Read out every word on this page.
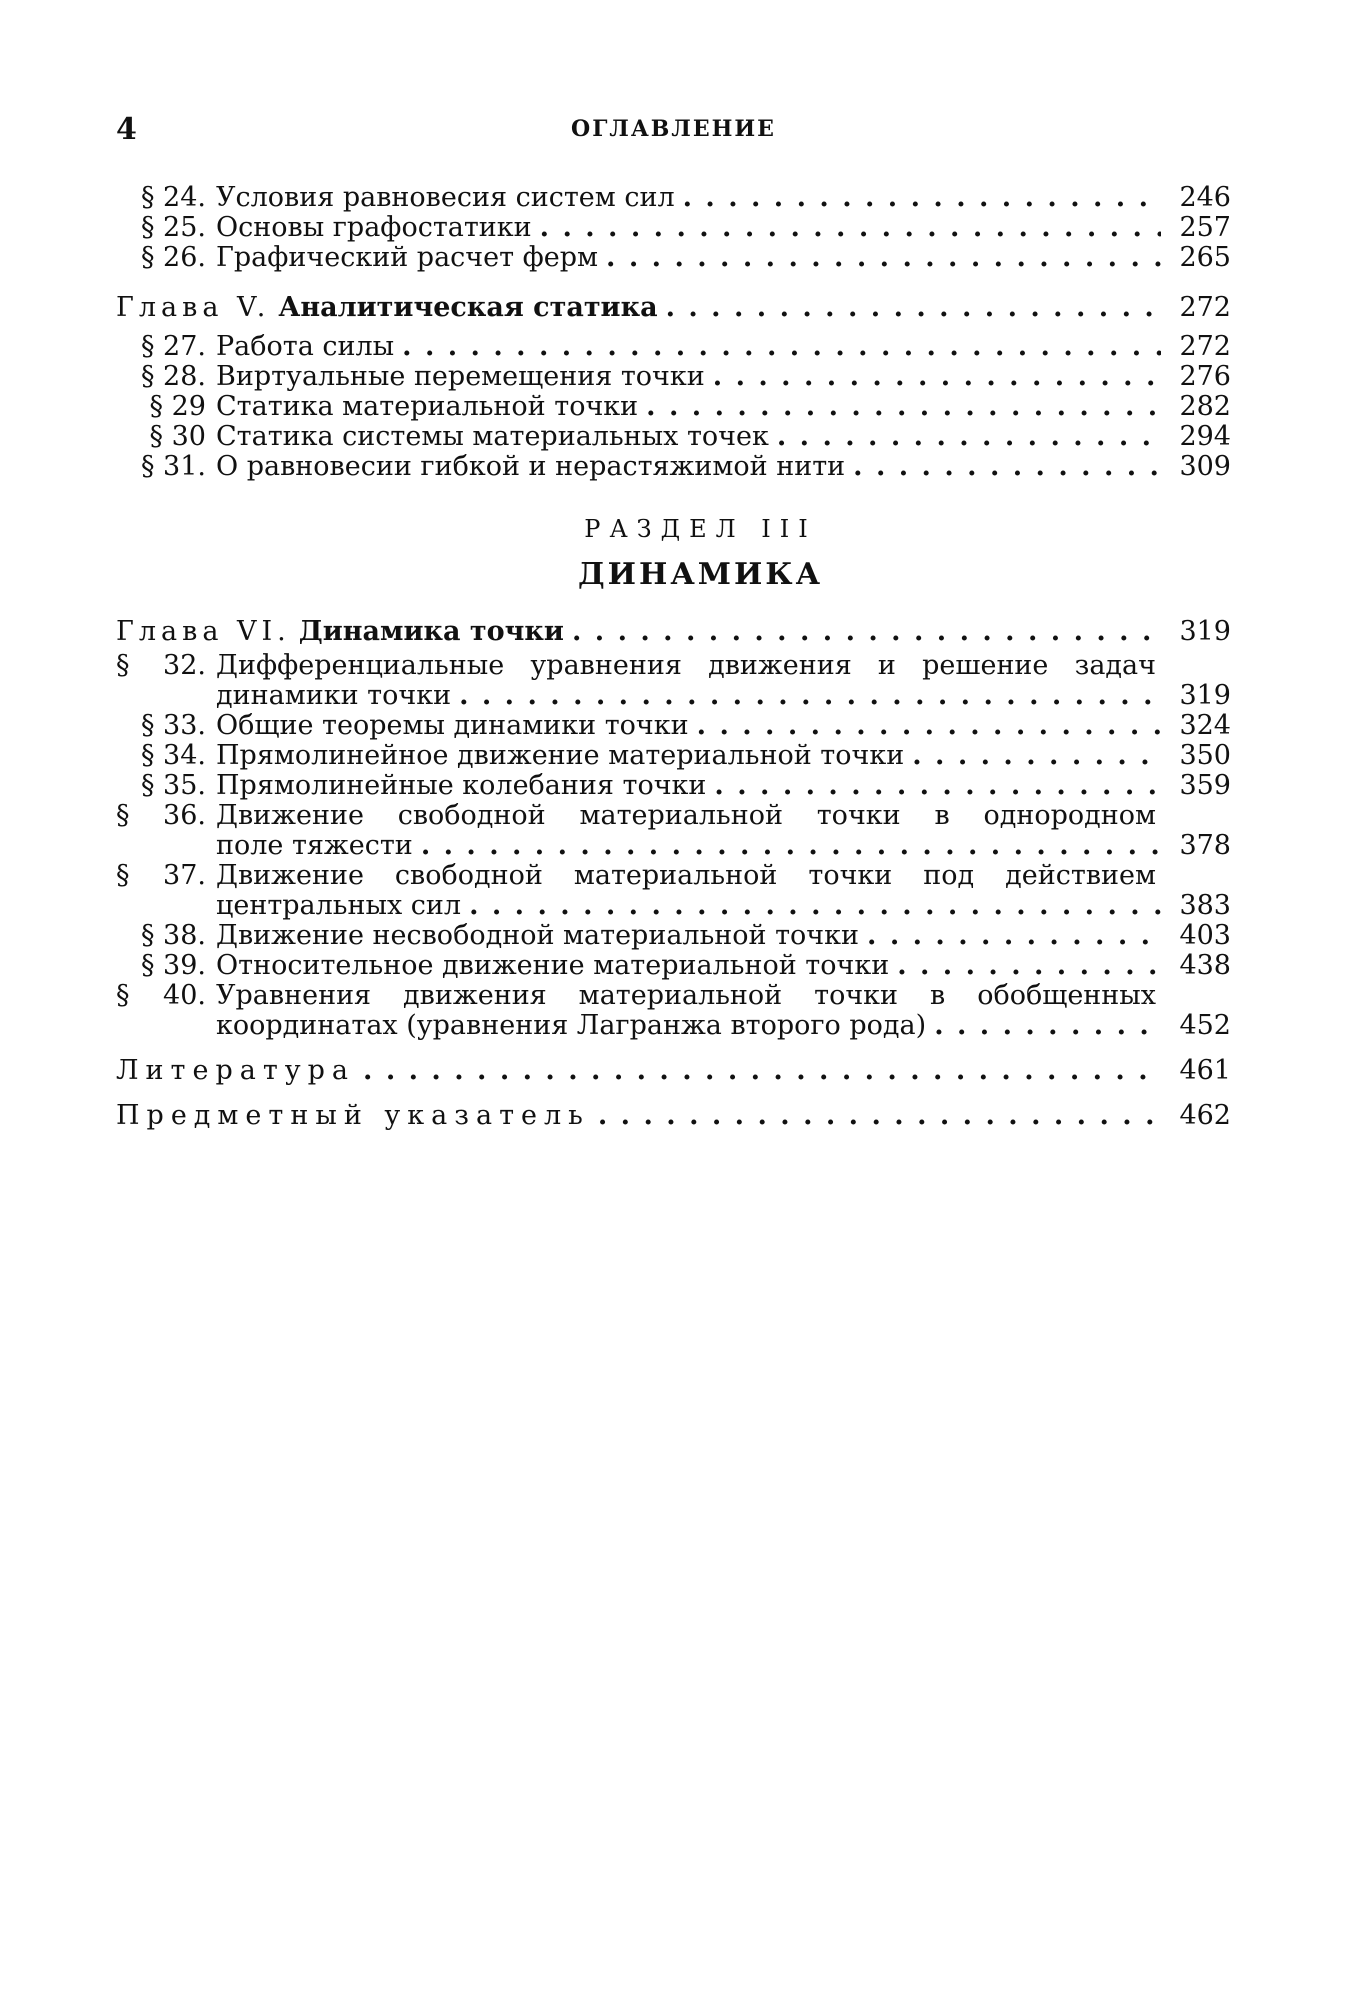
4	ОГЛАВЛЕНИЕ
§ 24. Условия равновесия систем сил . . .	246
§ 25. Основы графостатики . . .	257
§ 26. Графический расчет ферм . . .	265
Глава V. Аналитическая статика . . .	272
§ 27. Работа силы . . .	272
§ 28. Виртуальные перемещения точки . . .	276
§ 29 Статика материальной точки . . .	282
§ 30 Статика системы материальных точек . . .	294
§ 31. О равновесии гибкой и нерастяжимой нити . . .	309
РАЗДЕЛ III
ДИНАМИКА
Глава VI. Динамика точки . . .	319
§ 32. Дифференциальные уравнения движения и решение задач
динамики точки . . .	319
§ 33. Общие теоремы динамики точки . . .	324
§ 34. Прямолинейное движение материальной точки . . .	350
§ 35. Прямолинейные колебания точки . . .	359
§ 36. Движение свободной материальной точки в однородном
поле тяжести . . .	378
§ 37. Движение свободной материальной точки под действием
центральных сил . . .	383
§ 38. Движение несвободной материальной точки . . .	403
§ 39. Относительное движение материальной точки . . .	438
§ 40. Уравнения движения материальной точки в обобщенных
координатах (уравнения Лагранжа второго рода) . . .	452
Литература . . .	461
Предметный указатель . . .	462
